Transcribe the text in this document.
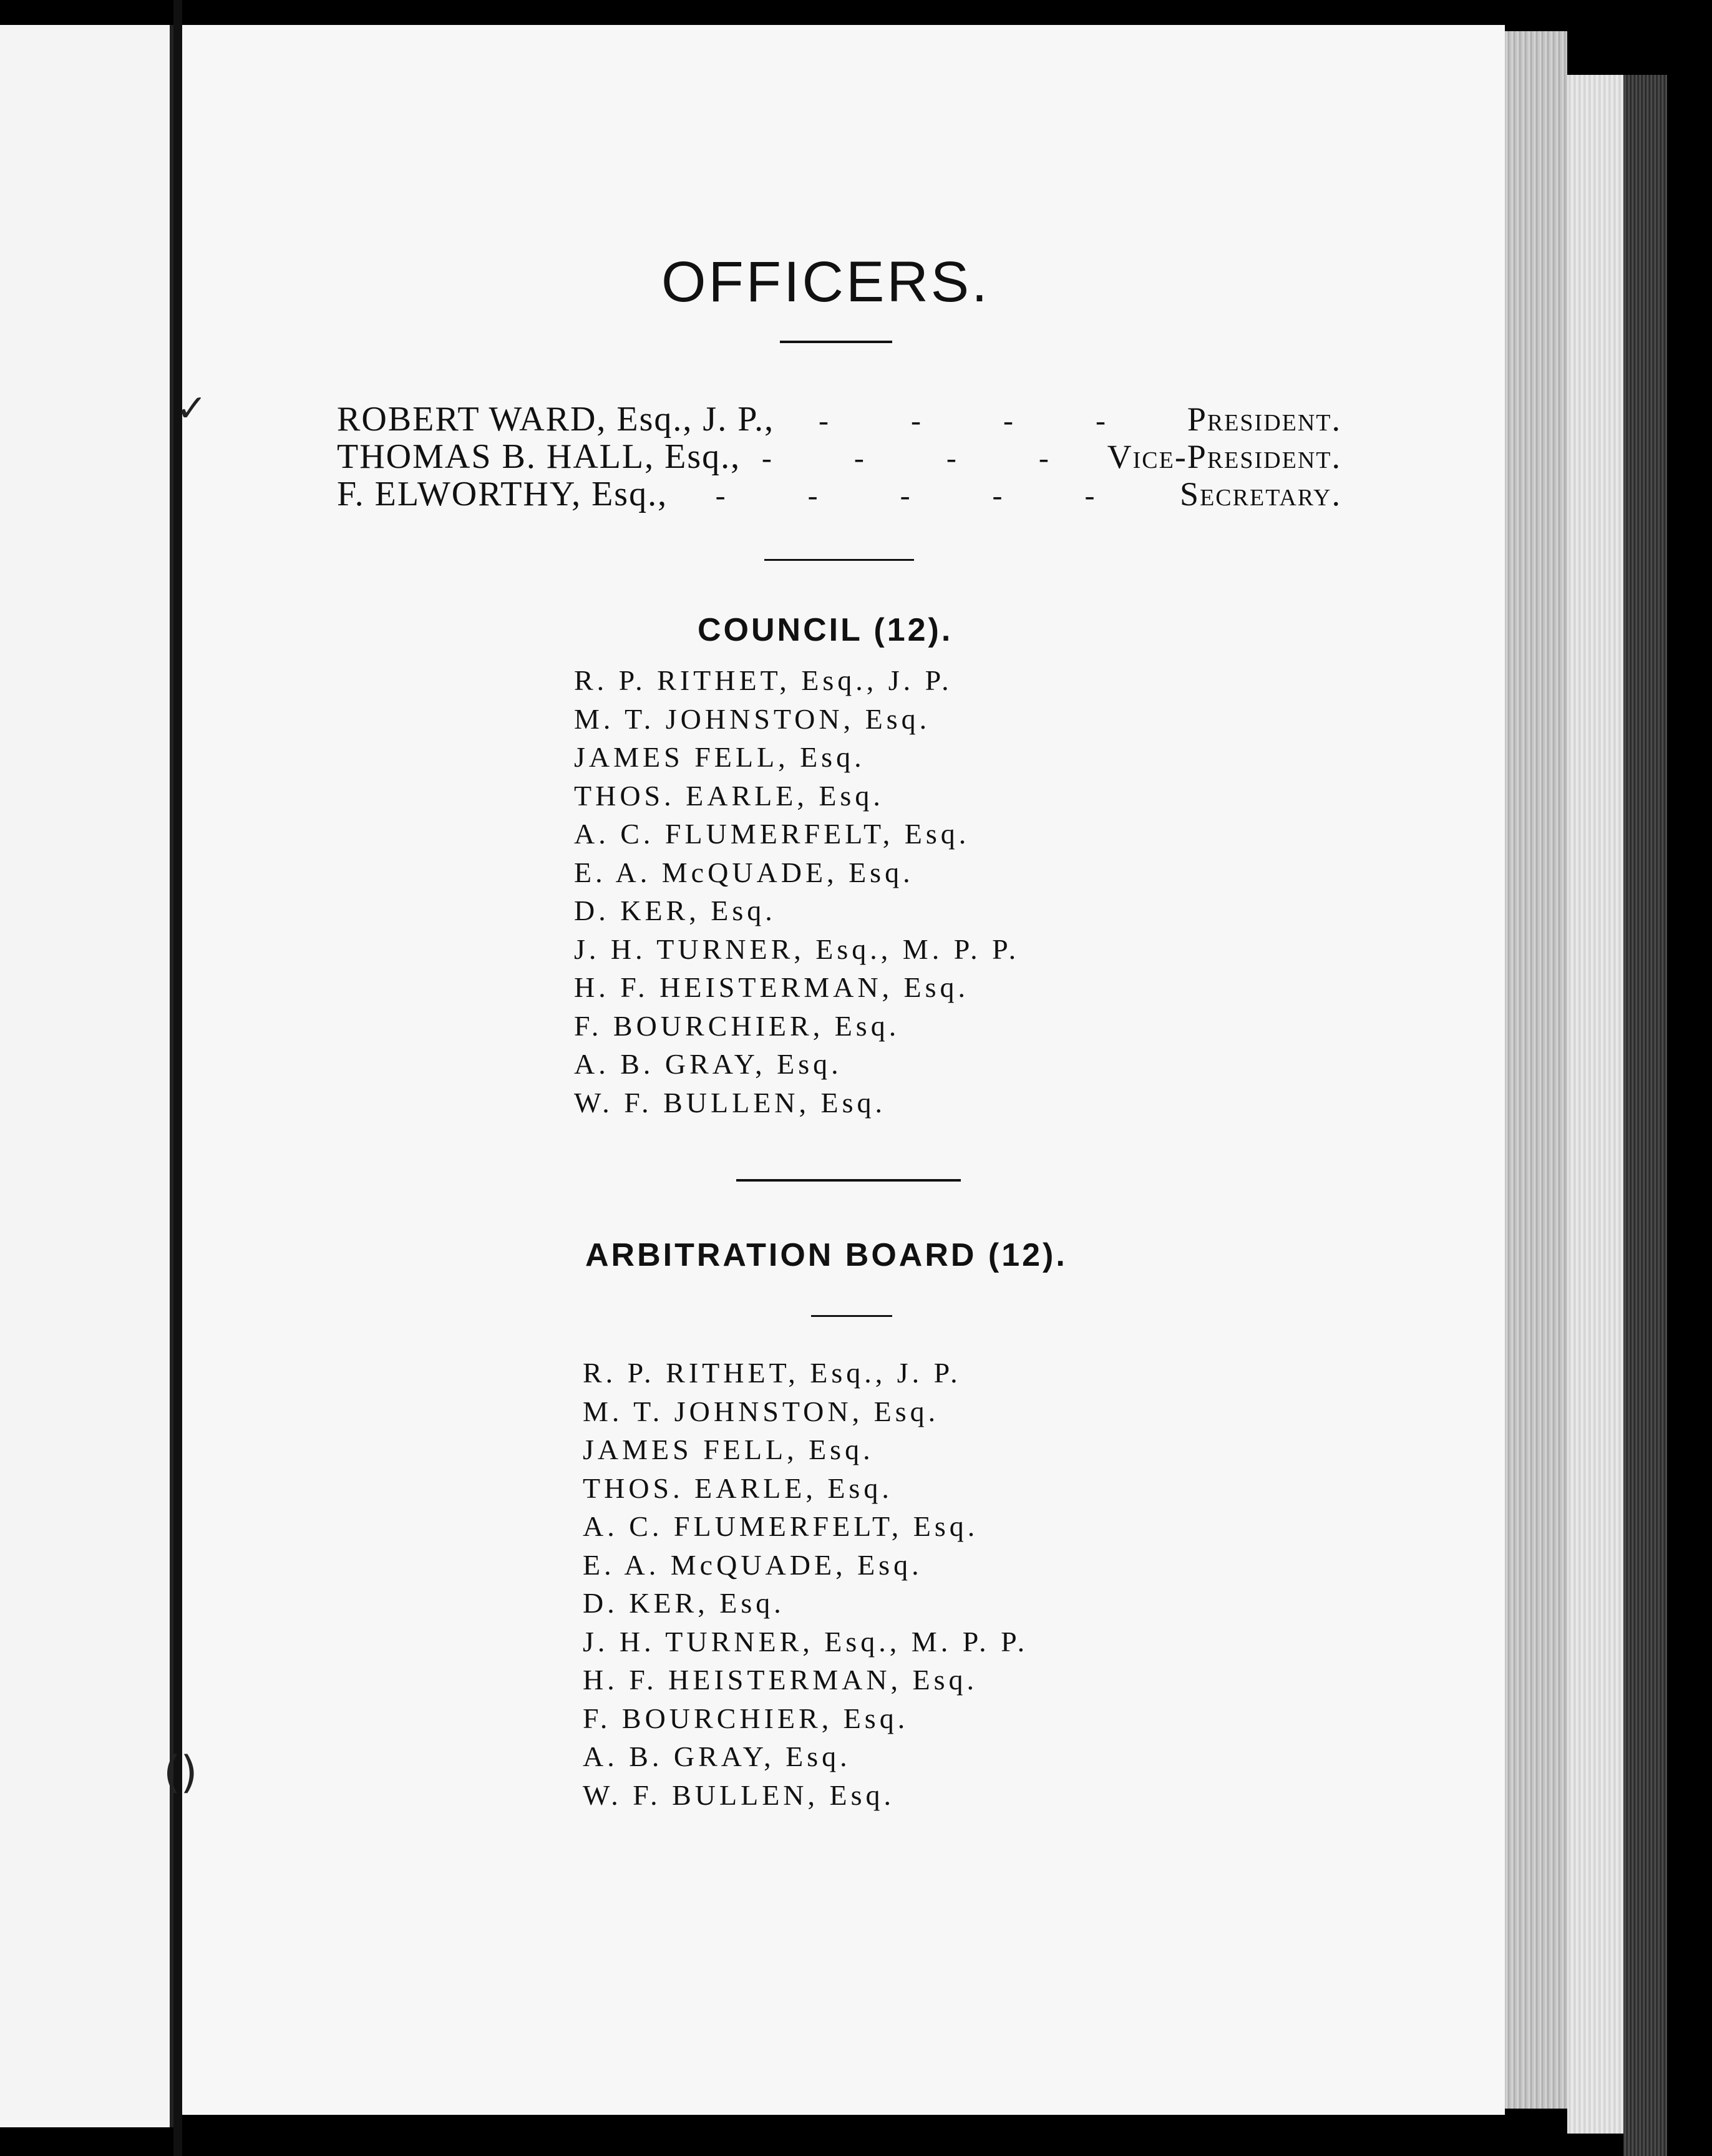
✓
()
OFFICERS.
ROBERT WARD, Esq., J. P.,	- - - -	President.
THOMAS B. HALL, Esq., - - - - Vice-President.
F. ELWORTHY, Esq.,	- - - - -	Secretary.
COUNCIL (12).
R. P. RITHET, Esq., J. P.
M. T. JOHNSTON, Esq.
JAMES FELL, Esq.
THOS. EARLE, Esq.
A. C. FLUMERFELT, Esq.
E. A. McQUADE, Esq.
D. KER, Esq.
J. H. TURNER, Esq., M. P. P.
H. F. HEISTERMAN, Esq.
F. BOURCHIER, Esq.
A. B. GRAY, Esq.
W. F. BULLEN, Esq.
ARBITRATION BOARD (12).
R. P. RITHET, Esq., J. P.
M. T. JOHNSTON, Esq.
JAMES FELL, Esq.
THOS. EARLE, Esq.
A. C. FLUMERFELT, Esq.
E. A. McQUADE, Esq.
D. KER, Esq.
J. H. TURNER, Esq., M. P. P.
H. F. HEISTERMAN, Esq.
F. BOURCHIER, Esq.
A. B. GRAY, Esq.
W. F. BULLEN, Esq.
